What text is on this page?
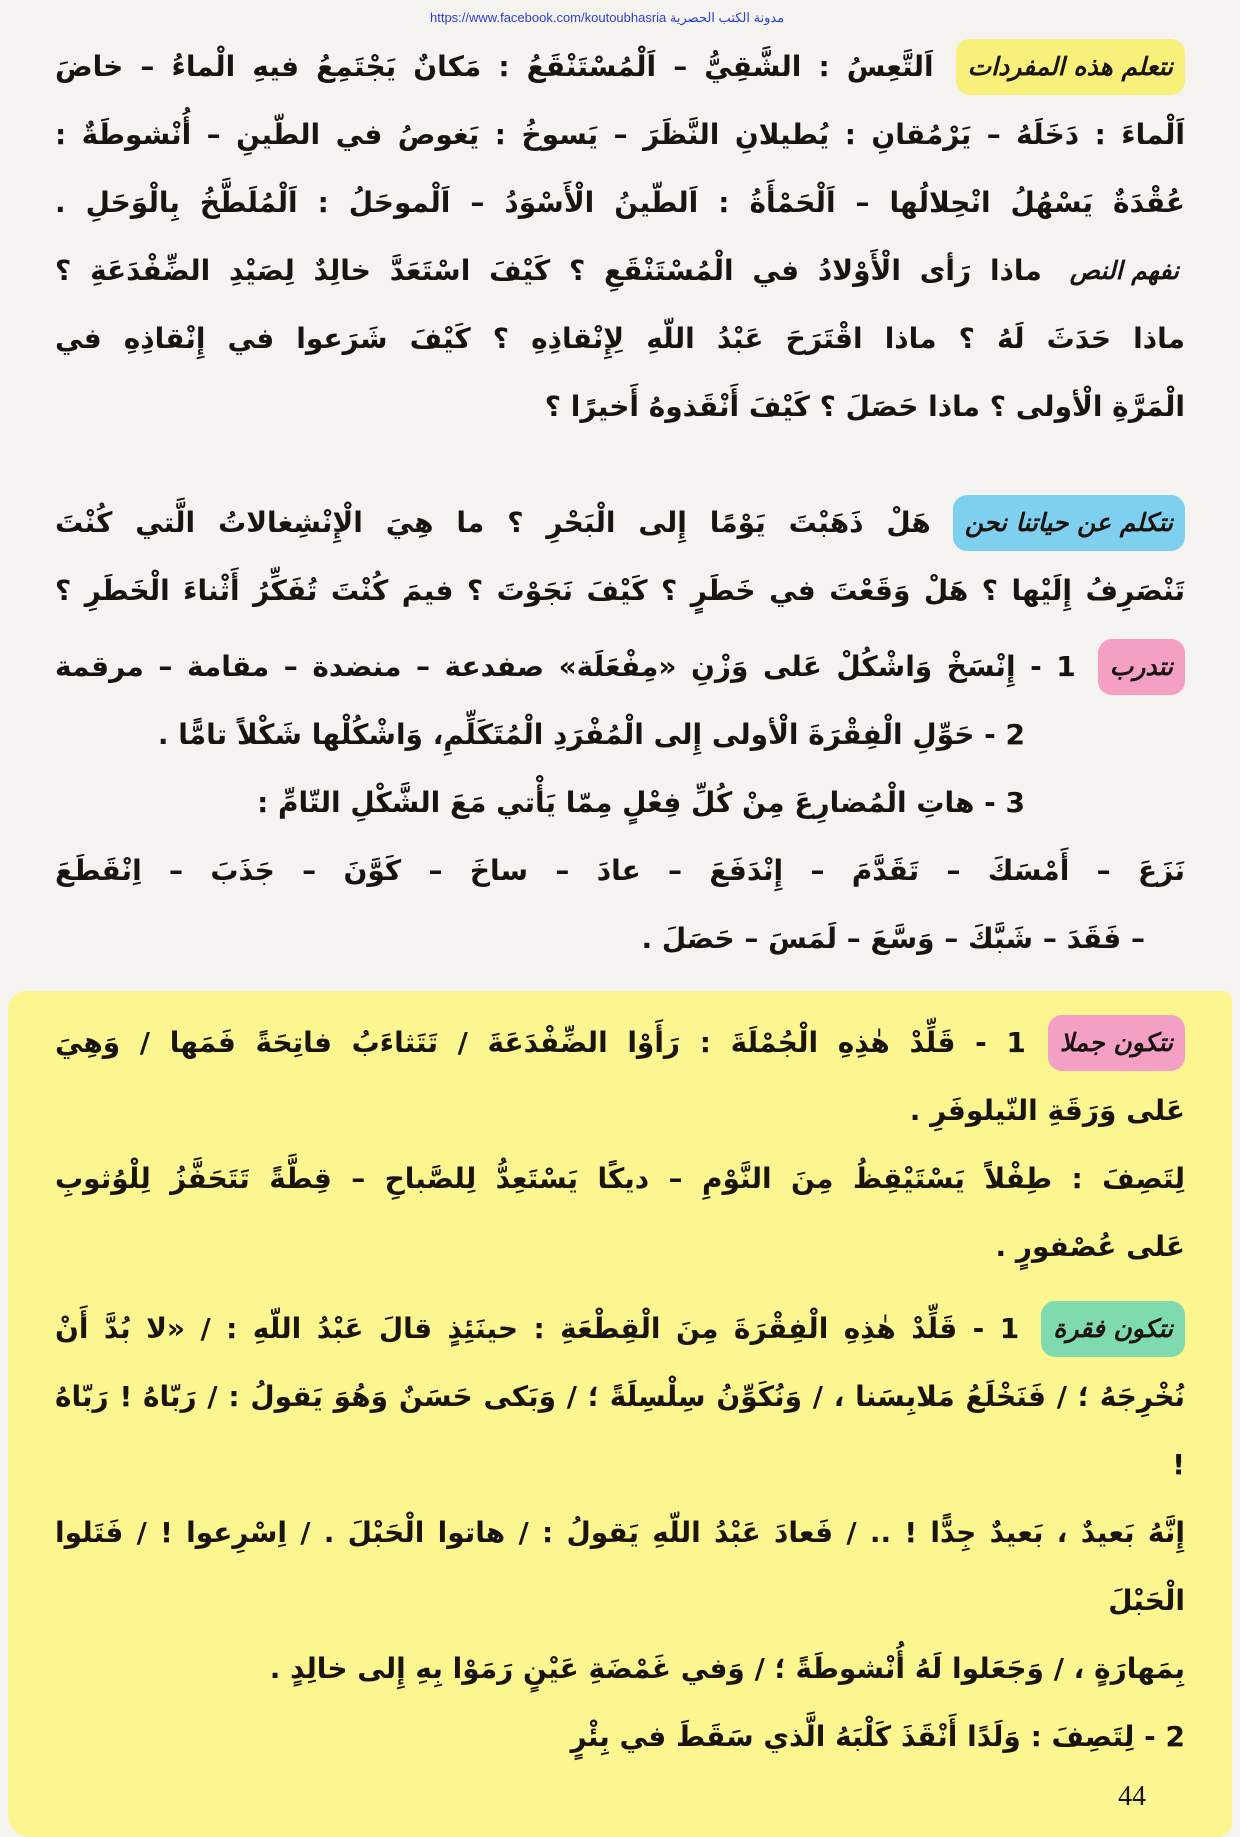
https://www.facebook.com/koutoubhasria مدونة الكتب الحصرية
نتعلم هذه المفردات
اَلتَّعِسُ : الشَّقِيُّ – اَلْمُسْتَنْقَعُ : مَكانٌ يَجْتَمِعُ فيهِ الْماءُ – خاضَ
اَلْماءَ : دَخَلَهُ – يَرْمُقانِ : يُطيلانِ النَّظَرَ – يَسوخُ : يَغوصُ في الطّينِ – أُنْشوطَةٌ :
عُقْدَةٌ يَسْهُلُ انْحِلالُها – اَلْحَمْأَةُ : اَلطّينُ الْأَسْوَدُ – اَلْموحَلُ : اَلْمُلَطَّخُ بِالْوَحَلِ .
نفهم النص
ماذا رَأى الْأَوْلادُ في الْمُسْتَنْقَعِ ؟ كَيْفَ اسْتَعَدَّ خالِدٌ لِصَيْدِ الضِّفْدَعَةِ ؟
ماذا حَدَثَ لَهُ ؟ ماذا اقْتَرَحَ عَبْدُ اللّهِ لِإِنْقاذِهِ ؟ كَيْفَ شَرَعوا في إِنْقاذِهِ في
الْمَرَّةِ الْأولى ؟ ماذا حَصَلَ ؟ كَيْفَ أَنْقَذوهُ أَخيرًا ؟
نتكلم عن حياتنا نحن
هَلْ ذَهَبْتَ يَوْمًا إِلى الْبَحْرِ ؟ ما هِيَ الْإِنْشِغالاتُ الَّتي كُنْتَ
تَنْصَرِفُ إِلَيْها ؟ هَلْ وَقَعْتَ في خَطَرٍ ؟ كَيْفَ نَجَوْتَ ؟ فيمَ كُنْتَ تُفَكِّرُ أَثْناءَ الْخَطَرِ ؟
نتدرب
1 - إِنْسَخْ وَاشْكُلْ عَلى وَزْنِ «مِفْعَلَة» صفدعة – منضدة – مقامة – مرقمة
2 - حَوِّلِ الْفِقْرَةَ الْأولى إِلى الْمُفْرَدِ الْمُتَكَلِّمِ، وَاشْكُلْها شَكْلاً تامًّا .
3 - هاتِ الْمُضارِعَ مِنْ كُلِّ فِعْلٍ مِمّا يَأْتي مَعَ الشَّكْلِ التّامِّ :
نَزَعَ – أَمْسَكَ – تَقَدَّمَ – إِنْدَفَعَ – عادَ – ساخَ – كَوَّنَ – جَذَبَ – اِنْقَطَعَ
– فَقَدَ – شَبَّكَ – وَسَّعَ – لَمَسَ – حَصَلَ .
نتكون جملا
1 - قَلِّدْ هٰذِهِ الْجُمْلَةَ : رَأَوْا الضِّفْدَعَةَ / تَتَثاءَبُ فاتِحَةً فَمَها / وَهِيَ
عَلى وَرَقَةِ النّيلوفَرِ .
لِتَصِفَ : طِفْلاً يَسْتَيْقِظُ مِنَ النَّوْمِ – ديكًا يَسْتَعِدُّ لِلصَّباحِ – قِطَّةً تَتَحَفَّزُ لِلْوُثوبِ
عَلى عُصْفورٍ .
نتكون فقرة
1 - قَلِّدْ هٰذِهِ الْفِقْرَةَ مِنَ الْقِطْعَةِ : حينَئِذٍ قالَ عَبْدُ اللّهِ : / «لا بُدَّ أَنْ
نُخْرِجَهُ ؛ / فَنَخْلَعُ مَلابِسَنا ، / وَنُكَوِّنُ سِلْسِلَةً ؛ / وَبَكى حَسَنٌ وَهُوَ يَقولُ : / رَبّاهُ ! رَبّاهُ !
إِنَّهُ بَعيدٌ ، بَعيدٌ جِدًّا ! .. / فَعادَ عَبْدُ اللّهِ يَقولُ : / هاتوا الْحَبْلَ . / اِسْرِعوا ! / فَتَلوا الْحَبْلَ
بِمَهارَةٍ ، / وَجَعَلوا لَهُ أُنْشوطَةً ؛ / وَفي غَمْضَةِ عَيْنٍ رَمَوْا بِهِ إِلى خالِدٍ .
2 - لِتَصِفَ : وَلَدًا أَنْقَذَ كَلْبَهُ الَّذي سَقَطَ في بِئْرٍ
44
